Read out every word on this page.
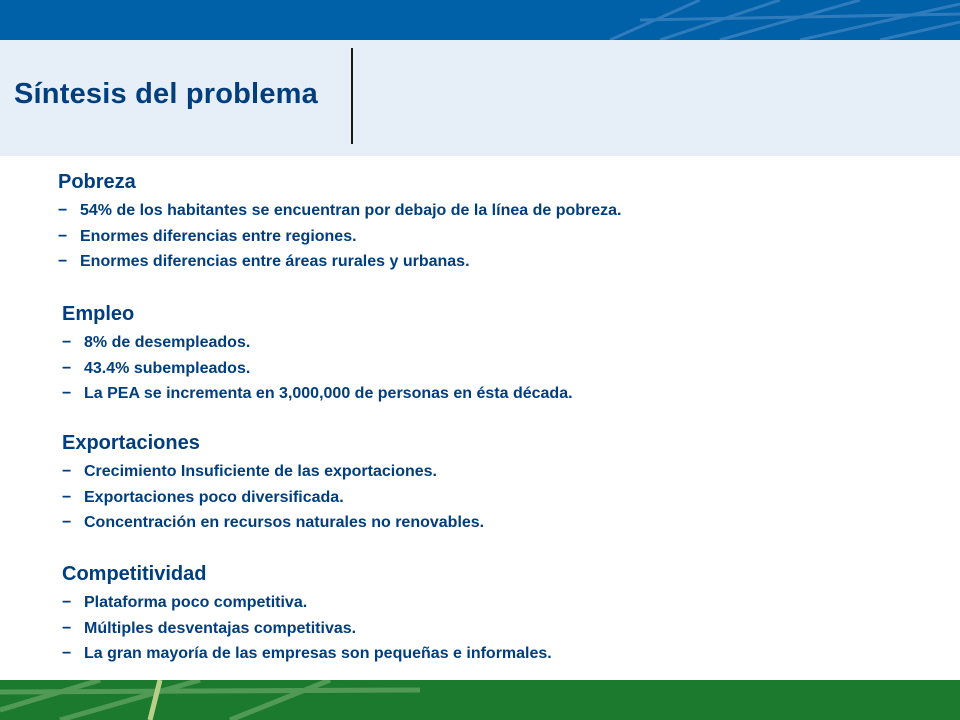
Síntesis del problema
Pobreza
− 54% de los habitantes se encuentran por debajo de la línea de pobreza.
− Enormes diferencias entre regiones.
− Enormes diferencias entre áreas rurales y urbanas.
Empleo
− 8% de desempleados.
− 43.4% subempleados.
− La PEA se incrementa en 3,000,000 de personas en ésta década.
Exportaciones
− Crecimiento Insuficiente de las exportaciones.
− Exportaciones poco diversificada.
− Concentración en recursos naturales no renovables.
Competitividad
− Plataforma poco competitiva.
− Múltiples desventajas competitivas.
− La gran mayoría de las empresas son pequeñas e informales.
